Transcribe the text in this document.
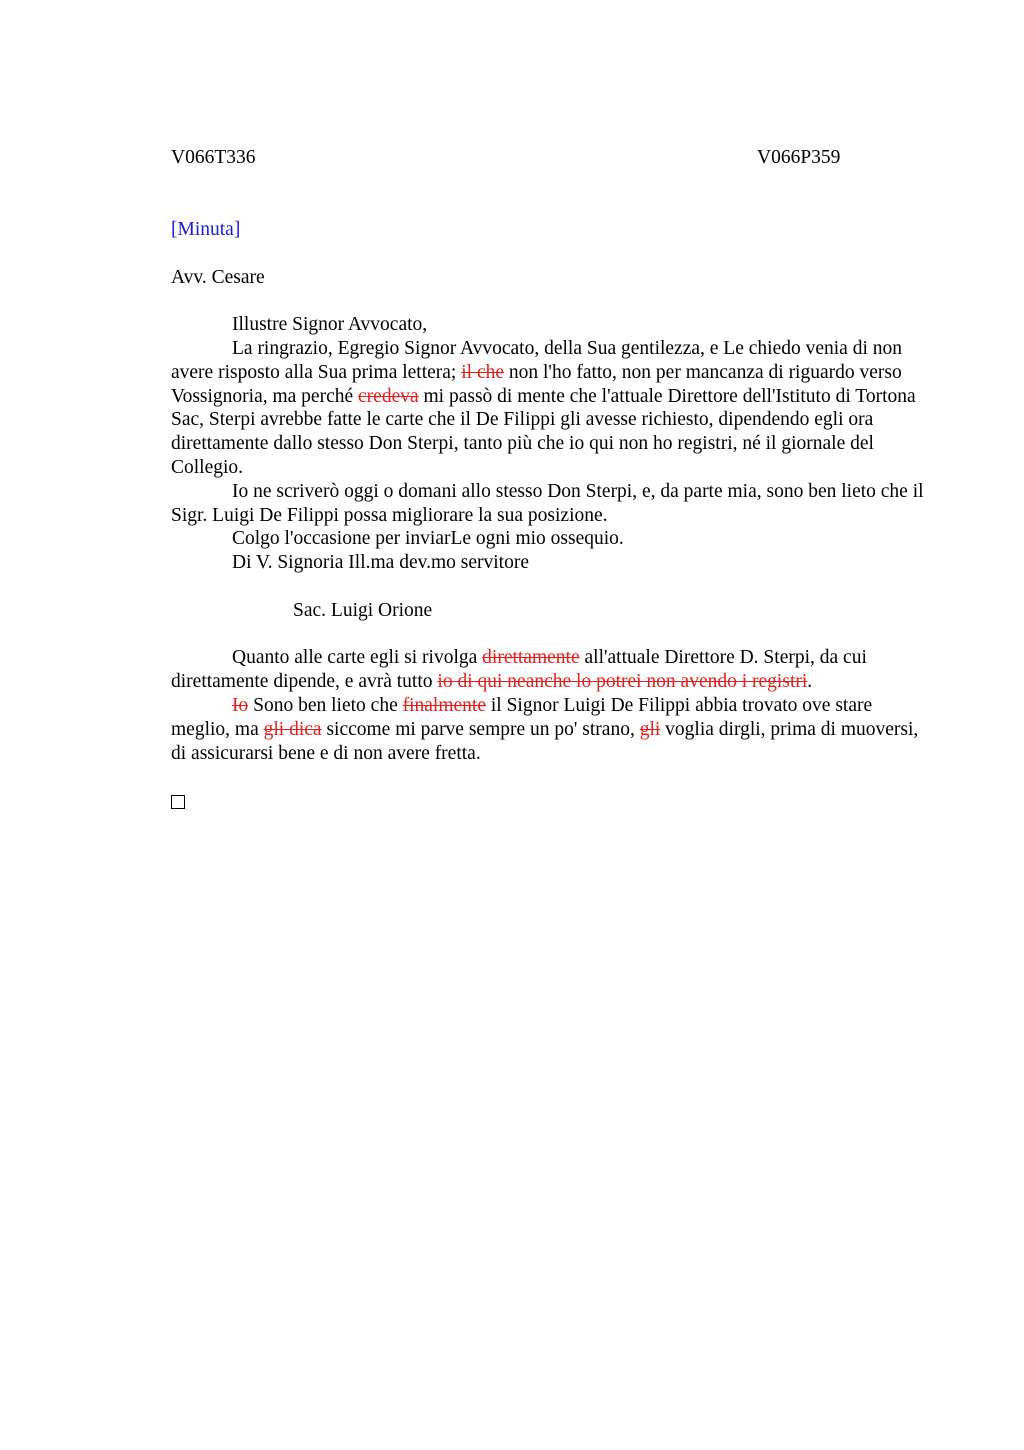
V066T336	V066P359

[Minuta]

Avv. Cesare

Illustre Signor Avvocato,

La ringrazio, Egregio Signor Avvocato, della Sua gentilezza, e Le chiedo venia di non avere risposto alla Sua prima lettera; il che non l'ho fatto, non per mancanza di riguardo verso Vossignoria, ma perché credeva mi passò di mente che l'attuale Direttore dell'Istituto di Tortona Sac, Sterpi avrebbe fatte le carte che il De Filippi gli avesse richiesto, dipendendo egli ora direttamente dallo stesso Don Sterpi, tanto più che io qui non ho registri, né il giornale del Collegio.

Io ne scriverò oggi o domani allo stesso Don Sterpi, e, da parte mia, sono ben lieto che il Sigr. Luigi De Filippi possa migliorare la sua posizione.

Colgo l'occasione per inviarLe ogni mio ossequio.

Di V. Signoria Ill.ma dev.mo servitore

Sac. Luigi Orione

Quanto alle carte egli si rivolga direttamente all'attuale Direttore D. Sterpi, da cui direttamente dipende, e avrà tutto io di qui neanche lo potrei non avendo i registri.

Io Sono ben lieto che finalmente il Signor Luigi De Filippi abbia trovato ove stare meglio, ma gli dica siccome mi parve sempre un po' strano, gli voglia dirgli, prima di muoversi, di assicurarsi bene e di non avere fretta.
